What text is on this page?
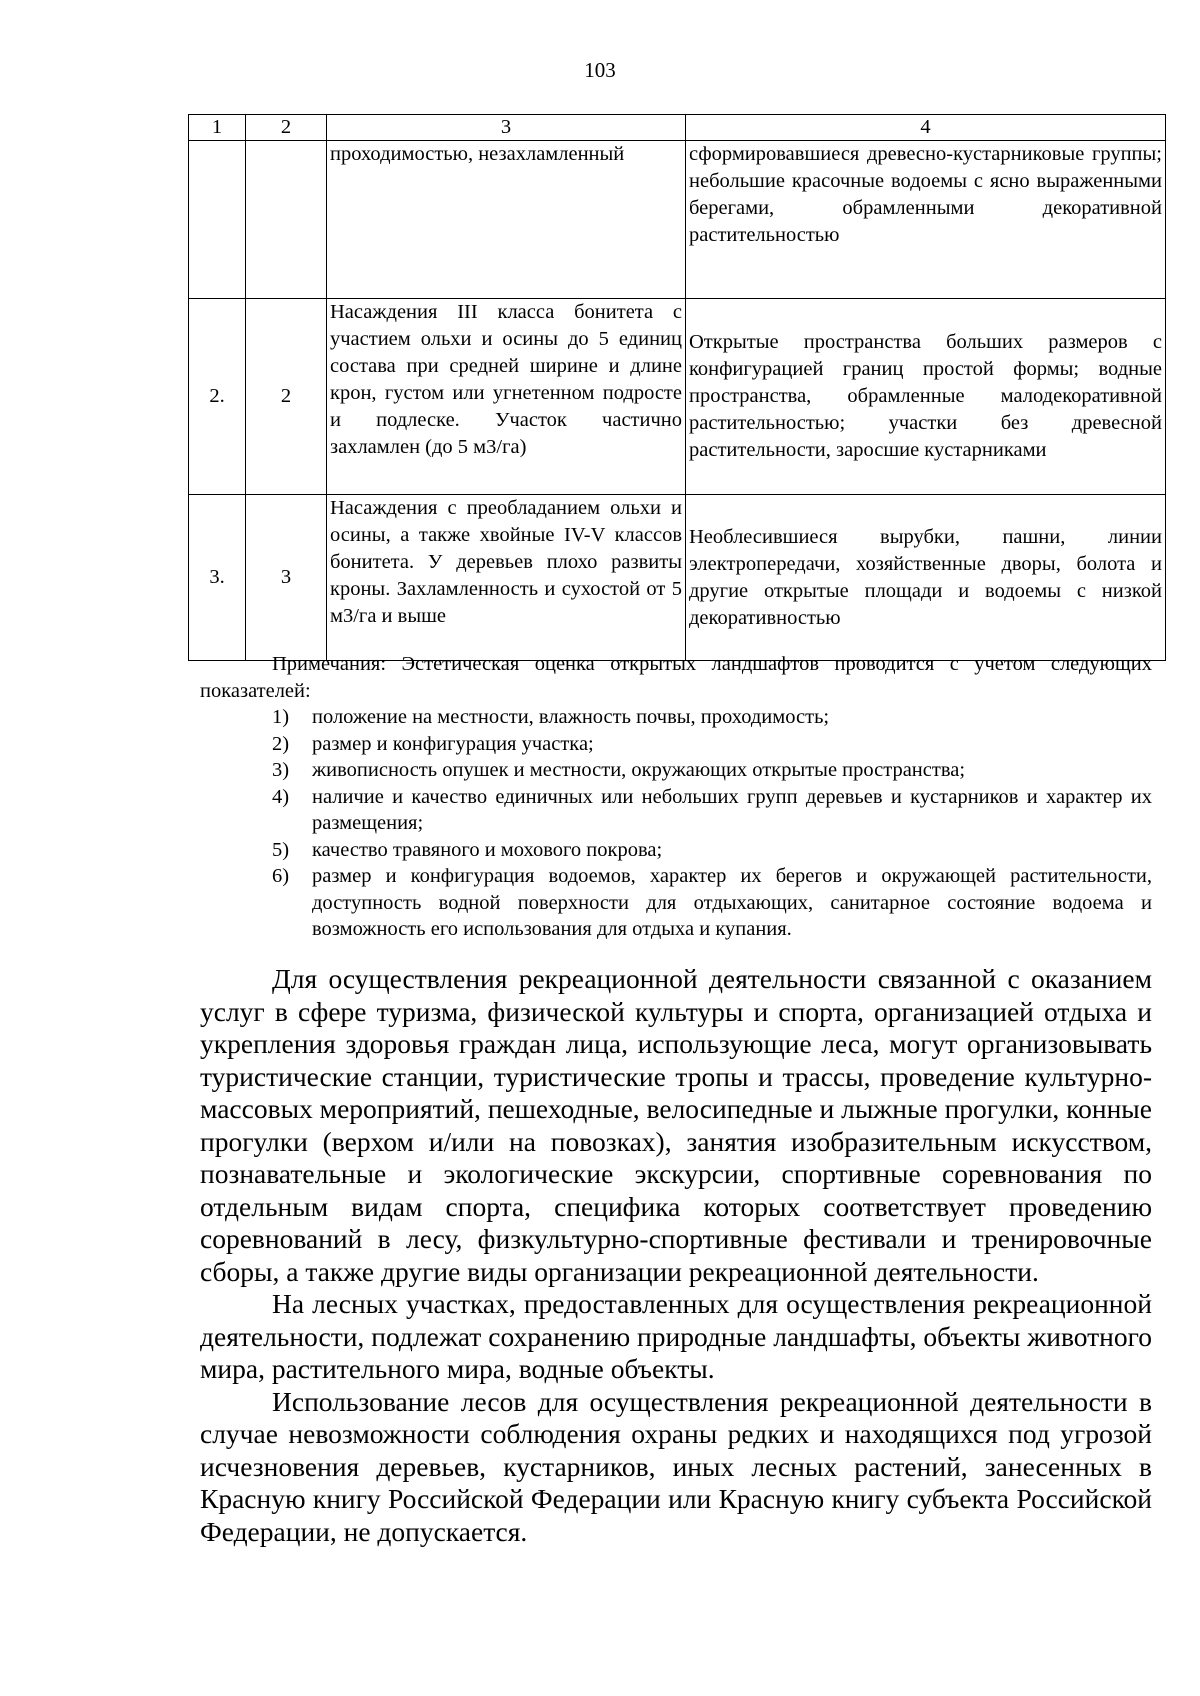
103
1	2	3	4
		проходимостью, незахламленный	сформировавшиеся древесно-кустарниковые группы; небольшие красочные водоемы с ясно выраженными берегами, обрамленными декоративной растительностью
2.	2	Насаждения III класса бонитета с участием ольхи и осины до 5 единиц состава при средней ширине и длине крон, густом или угнетенном подросте и подлеске. Участок частично захламлен (до 5 м3/га)	Открытые пространства больших размеров с конфигурацией границ простой формы; водные пространства, обрамленные малодекоративной растительностью; участки без древесной растительности, заросшие кустарниками
3.	3	Насаждения с преобладанием ольхи и осины, а также хвойные IV-V классов бонитета. У деревьев плохо развиты кроны. Захламленность и сухостой от 5 м3/га и выше	Необлесившиеся вырубки, пашни, линии электропередачи, хозяйственные дворы, болота и другие открытые площади и водоемы с низкой декоративностью
Примечания: Эстетическая оценка открытых ландшафтов проводится с учетом следующих показателей:
1) положение на местности, влажность почвы, проходимость;
2) размер и конфигурация участка;
3) живописность опушек и местности, окружающих открытые пространства;
4) наличие и качество единичных или небольших групп деревьев и кустарников и характер их размещения;
5) качество травяного и мохового покрова;
6) размер и конфигурация водоемов, характер их берегов и окружающей растительности, доступность водной поверхности для отдыхающих, санитарное состояние водоема и возможность его использования для отдыха и купания.

Для осуществления рекреационной деятельности связанной с оказанием услуг в сфере туризма, физической культуры и спорта, организацией отдыха и укрепления здоровья граждан лица, использующие леса, могут организовывать туристические станции, туристические тропы и трассы, проведение культурно-массовых мероприятий, пешеходные, велосипедные и лыжные прогулки, конные прогулки (верхом и/или на повозках), занятия изобразительным искусством, познавательные и экологические экскурсии, спортивные соревнования по отдельным видам спорта, специфика которых соответствует проведению соревнований в лесу, физкультурно-спортивные фестивали и тренировочные сборы, а также другие виды организации рекреационной деятельности.

На лесных участках, предоставленных для осуществления рекреационной деятельности, подлежат сохранению природные ландшафты, объекты животного мира, растительного мира, водные объекты.

Использование лесов для осуществления рекреационной деятельности в случае невозможности соблюдения охраны редких и находящихся под угрозой исчезновения деревьев, кустарников, иных лесных растений, занесенных в Красную книгу Российской Федерации или Красную книгу субъекта Российской Федерации, не допускается.
